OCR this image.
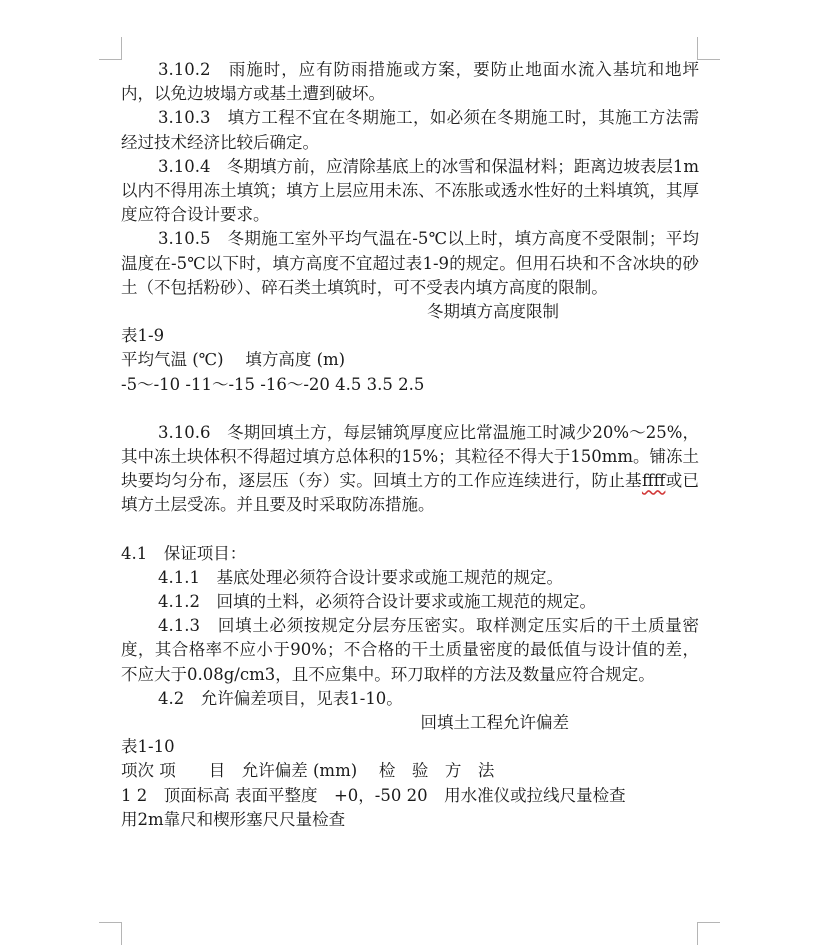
3.10.2　雨施时，应有防雨措施或方案，要防止地面水流入基坑和地坪内，以免边坡塌方或基土遭到破坏。

3.10.3　填方工程不宜在冬期施工，如必须在冬期施工时，其施工方法需经过技术经济比较后确定。

3.10.4　冬期填方前，应清除基底上的冰雪和保温材料；距离边坡表层1m以内不得用冻土填筑；填方上层应用未冻、不冻胀或透水性好的土料填筑，其厚度应符合设计要求。

3.10.5　冬期施工室外平均气温在-5℃以上时，填方高度不受限制；平均温度在-5℃以下时，填方高度不宜超过表1-9的规定。但用石块和不含冰块的砂土（不包括粉砂）、碎石类土填筑时，可不受表内填方高度的限制。

冬期填方高度限制

表1-9

平均气温 (℃)　 填方高度 (m)

-5～-10 -11～-15 -16～-20 4.5 3.5 2.5

3.10.6　冬期回填土方，每层铺筑厚度应比常温施工时减少20%～25%，其中冻土块体积不得超过填方总体积的15%；其粒径不得大于150mm。铺冻土块要均匀分布，逐层压（夯）实。回填土方的工作应连续进行，防止基ffff或已填方土层受冻。并且要及时采取防冻措施。

4.1　保证项目：

4.1.1　基底处理必须符合设计要求或施工规范的规定。

4.1.2　回填的土料，必须符合设计要求或施工规范的规定。

4.1.3　回填土必须按规定分层夯压密实。取样测定压实后的干土质量密度，其合格率不应小于90%；不合格的干土质量密度的最低值与设计值的差，不应大于0.08g/cm3，且不应集中。环刀取样的方法及数量应符合规定。

4.2　允许偏差项目，见表1-10。

回填土工程允许偏差

表1-10

项次 项　　目　允许偏差 (mm)　 检　验　方　法

1 2　顶面标高 表面平整度　+0，-50 20　用水准仪或拉线尺量检查

用2m靠尺和楔形塞尺尺量检查
